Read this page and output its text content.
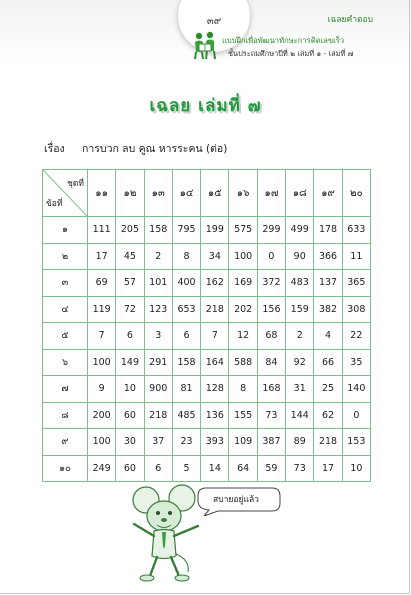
๓๙	เฉลยคำตอบ
แบบฝึกเพื่อพัฒนาทักษะการคิดเลขเร็ว
ชั้นประถมศึกษาปีที่ ๒ เล่มที่ ๑ - เล่มที่ ๗
เฉลย เล่มที่ ๗
เรื่อง การบวก ลบ คูณ หารระคน (ต่อ)
ชุดที่
ข้อที่	๑๑	๑๒	๑๓	๑๔	๑๕	๑๖	๑๗	๑๘	๑๙	๒๐
๑	111	205	158	795	199	575	299	499	178	633
๒	17	45	2	8	34	100	0	90	366	11
๓	69	57	101	400	162	169	372	483	137	365
๔	119	72	123	653	218	202	156	159	382	308
๕	7	6	3	6	7	12	68	2	4	22
๖	100	149	291	158	164	588	84	92	66	35
๗	9	10	900	81	128	8	168	31	25	140
๘	200	60	218	485	136	155	73	144	62	0
๙	100	30	37	23	393	109	387	89	218	153
๑๐	249	60	6	5	14	64	59	73	17	10
สบายอยู่แล้ว
